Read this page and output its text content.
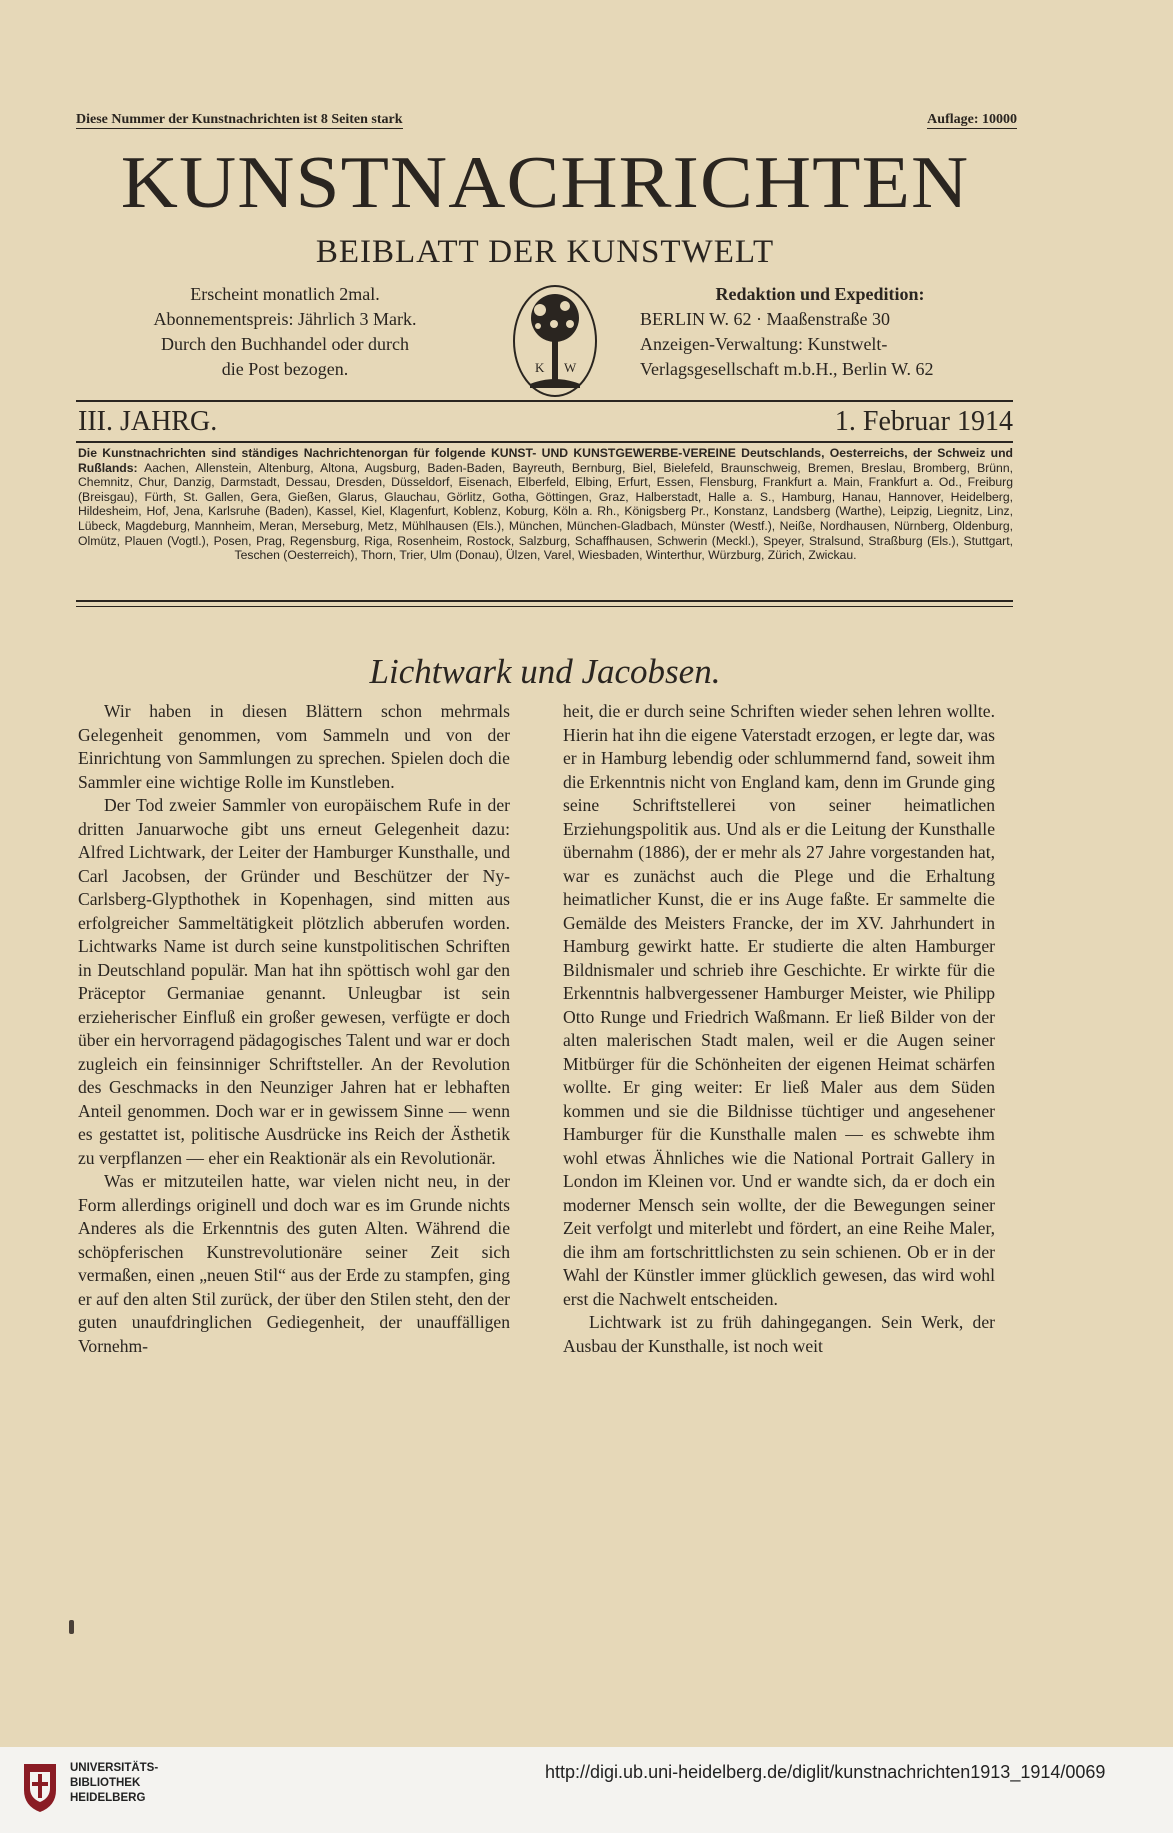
Diese Nummer der Kunstnachrichten ist 8 Seiten stark	Auflage: 10000
KUNSTNACHRICHTEN
BEIBLATT DER KUNSTWELT
Erscheint monatlich 2mal.
Abonnementspreis: Jährlich 3 Mark.
Durch den Buchhandel oder durch
die Post bezogen.	K W
Redaktion und Expedition:
BERLIN W. 62 · Maaßenstraße 30
Anzeigen-Verwaltung: Kunstwelt-
Verlagsgesellschaft m.b.H., Berlin W. 62
III. JAHRG.	1. Februar 1914
Die Kunstnachrichten sind ständiges Nachrichtenorgan für folgende KUNST- UND KUNSTGEWERBE-VEREINE Deutschlands, Oesterreichs, der Schweiz und Rußlands: Aachen, Allenstein, Altenburg, Altona, Augsburg, Baden-Baden, Bayreuth, Bernburg, Biel, Bielefeld, Braunschweig, Bremen, Breslau, Bromberg, Brünn, Chemnitz, Chur, Danzig, Darmstadt, Dessau, Dresden, Düsseldorf, Eisenach, Elberfeld, Elbing, Erfurt, Essen, Flensburg, Frankfurt a. Main, Frankfurt a. Od., Freiburg (Breisgau), Fürth, St. Gallen, Gera, Gießen, Glarus, Glauchau, Görlitz, Gotha, Göttingen, Graz, Halberstadt, Halle a. S., Hamburg, Hanau, Hannover, Heidelberg, Hildesheim, Hof, Jena, Karlsruhe (Baden), Kassel, Kiel, Klagenfurt, Koblenz, Koburg, Köln a. Rh., Königsberg Pr., Konstanz, Landsberg (Warthe), Leipzig, Liegnitz, Linz, Lübeck, Magdeburg, Mannheim, Meran, Merseburg, Metz, Mühlhausen (Els.), München, München-Gladbach, Münster (Westf.), Neiße, Nordhausen, Nürnberg, Oldenburg, Olmütz, Plauen (Vogtl.), Posen, Prag, Regensburg, Riga, Rosenheim, Rostock, Salzburg, Schaffhausen, Schwerin (Meckl.), Speyer, Stralsund, Straßburg (Els.), Stuttgart, Teschen (Oesterreich), Thorn, Trier, Ulm (Donau), Ülzen, Varel, Wiesbaden, Winterthur, Würzburg, Zürich, Zwickau.
Lichtwark und Jacobsen.

Wir haben in diesen Blättern schon mehrmals Gelegenheit genommen, vom Sammeln und von der Einrichtung von Sammlungen zu sprechen. Spielen doch die Sammler eine wichtige Rolle im Kunstleben.

Der Tod zweier Sammler von europäischem Rufe in der dritten Januarwoche gibt uns erneut Gelegenheit dazu: Alfred Lichtwark, der Leiter der Hamburger Kunsthalle, und Carl Jacobsen, der Gründer und Beschützer der Ny-Carlsberg-Glypthothek in Kopenhagen, sind mitten aus erfolgreicher Sammeltätigkeit plötzlich abberufen worden. Lichtwarks Name ist durch seine kunstpolitischen Schriften in Deutschland populär. Man hat ihn spöttisch wohl gar den Präceptor Germaniae genannt. Unleugbar ist sein erzieherischer Einfluß ein großer gewesen, verfügte er doch über ein hervorragend pädagogisches Talent und war er doch zugleich ein feinsinniger Schriftsteller. An der Revolution des Geschmacks in den Neunziger Jahren hat er lebhaften Anteil genommen. Doch war er in gewissem Sinne — wenn es gestattet ist, politische Ausdrücke ins Reich der Ästhetik zu verpflanzen — eher ein Reaktionär als ein Revolutionär.

Was er mitzuteilen hatte, war vielen nicht neu, in der Form allerdings originell und doch war es im Grunde nichts Anderes als die Erkenntnis des guten Alten. Während die schöpferischen Kunstrevolutionäre seiner Zeit sich vermaßen, einen „neuen Stil“ aus der Erde zu stampfen, ging er auf den alten Stil zurück, der über den Stilen steht, den der guten unaufdringlichen Gediegenheit, der unauffälligen Vornehm-

heit, die er durch seine Schriften wieder sehen lehren wollte. Hierin hat ihn die eigene Vaterstadt erzogen, er legte dar, was er in Hamburg lebendig oder schlummernd fand, soweit ihm die Erkenntnis nicht von England kam, denn im Grunde ging seine Schriftstellerei von seiner heimatlichen Erziehungspolitik aus. Und als er die Leitung der Kunsthalle übernahm (1886), der er mehr als 27 Jahre vorgestanden hat, war es zunächst auch die Plege und die Erhaltung heimatlicher Kunst, die er ins Auge faßte. Er sammelte die Gemälde des Meisters Francke, der im XV. Jahrhundert in Hamburg gewirkt hatte. Er studierte die alten Hamburger Bildnismaler und schrieb ihre Geschichte. Er wirkte für die Erkenntnis halbvergessener Hamburger Meister, wie Philipp Otto Runge und Friedrich Waßmann. Er ließ Bilder von der alten malerischen Stadt malen, weil er die Augen seiner Mitbürger für die Schönheiten der eigenen Heimat schärfen wollte. Er ging weiter: Er ließ Maler aus dem Süden kommen und sie die Bildnisse tüchtiger und angesehener Hamburger für die Kunsthalle malen — es schwebte ihm wohl etwas Ähnliches wie die National Portrait Gallery in London im Kleinen vor. Und er wandte sich, da er doch ein moderner Mensch sein wollte, der die Bewegungen seiner Zeit verfolgt und miterlebt und fördert, an eine Reihe Maler, die ihm am fortschrittlichsten zu sein schienen. Ob er in der Wahl der Künstler immer glücklich gewesen, das wird wohl erst die Nachwelt entscheiden.

Lichtwark ist zu früh dahingegangen. Sein Werk, der Ausbau der Kunsthalle, ist noch weit

UNIVERSITÄTS-
BIBLIOTHEK
HEIDELBERG
http://digi.ub.uni-heidelberg.de/diglit/kunstnachrichten1913_1914/0069
